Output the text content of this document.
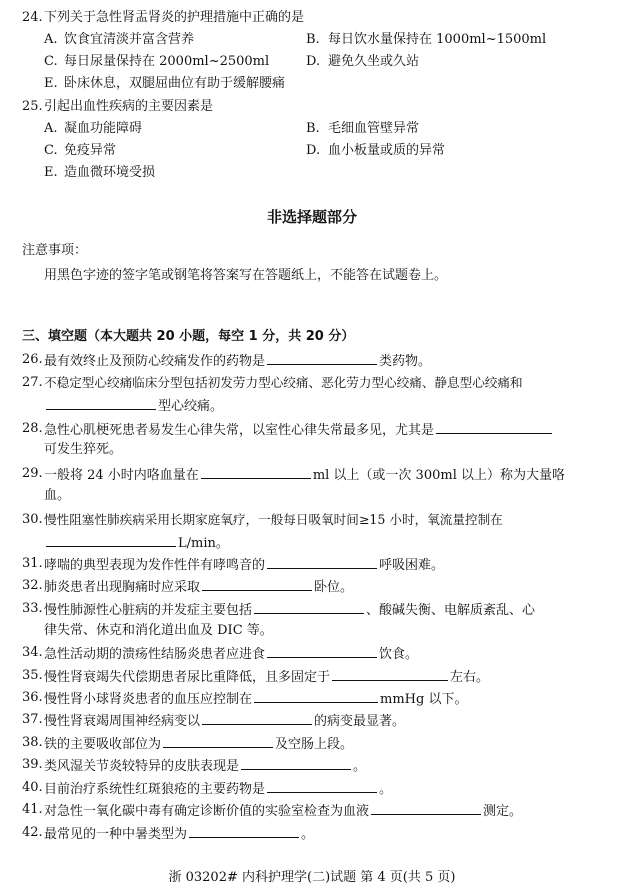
24. 下列关于急性肾盂肾炎的护理措施中正确的是
A. 饮食宜清淡并富含营养	B. 每日饮水量保持在 1000ml~1500ml
C. 每日尿量保持在 2000ml~2500ml	D. 避免久坐或久站
E. 卧床休息，双腿屈曲位有助于缓解腰痛
25. 引起出血性疾病的主要因素是
A. 凝血功能障碍	B. 毛细血管壁异常
C. 免疫异常	D. 血小板量或质的异常
E. 造血微环境受损
非选择题部分
注意事项：
用黑色字迹的签字笔或钢笔将答案写在答题纸上，不能答在试题卷上。
三、填空题（本大题共 20 小题，每空 1 分，共 20 分）
26. 最有效终止及预防心绞痛发作的药物是	类药物。
27. 不稳定型心绞痛临床分型包括初发劳力型心绞痛、恶化劳力型心绞痛、静息型心绞痛和
型心绞痛。
28. 急性心肌梗死患者易发生心律失常，以室性心律失常最多见，尤其是
可发生猝死。
29. 一般将 24 小时内咯血量在	ml 以上（或一次 300ml 以上）称为大量咯
血。
30. 慢性阻塞性肺疾病采用长期家庭氧疗，一般每日吸氧时间≥15 小时，氧流量控制在
L/min。
31. 哮喘的典型表现为发作性伴有哮鸣音的	呼吸困难。
32. 肺炎患者出现胸痛时应采取	卧位。
33. 慢性肺源性心脏病的并发症主要包括	、酸碱失衡、电解质紊乱、心
律失常、休克和消化道出血及 DIC 等。
34. 急性活动期的溃疡性结肠炎患者应进食	饮食。
35. 慢性肾衰竭失代偿期患者尿比重降低，且多固定于	左右。
36. 慢性肾小球肾炎患者的血压应控制在	mmHg 以下。
37. 慢性肾衰竭周围神经病变以	的病变最显著。
38. 铁的主要吸收部位为	及空肠上段。
39. 类风湿关节炎较特异的皮肤表现是	。
40. 目前治疗系统性红斑狼疮的主要药物是	。
41. 对急性一氧化碳中毒有确定诊断价值的实验室检查为血液	测定。
42. 最常见的一种中暑类型为	。
浙 03202# 内科护理学(二)试题 第 4 页(共 5 页)
